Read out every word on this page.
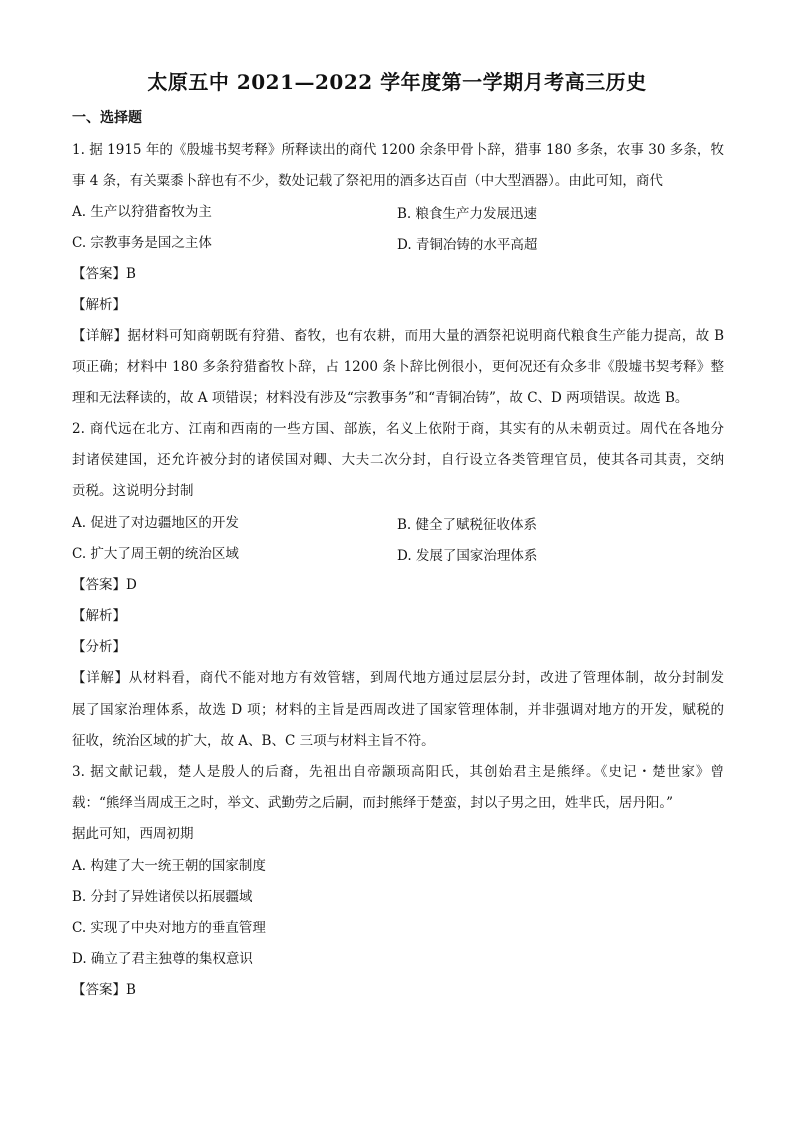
太原五中 2021—2022 学年度第一学期月考高三历史
一、选择题
1. 据 1915 年的《殷墟书契考释》所释读出的商代 1200 余条甲骨卜辞，猎事 180 多条，农事 30 多条，牧
事 4 条，有关粟黍卜辞也有不少，数处记载了祭祀用的酒多达百卣（中大型酒器）。由此可知，商代
A. 生产以狩猎畜牧为主	B. 粮食生产力发展迅速
C. 宗教事务是国之主体	D. 青铜冶铸的水平高超
【答案】B
【解析】
【详解】据材料可知商朝既有狩猎、畜牧，也有农耕，而用大量的酒祭祀说明商代粮食生产能力提高，故 B
项正确；材料中 180 多条狩猎畜牧卜辞，占 1200 条卜辞比例很小，更何况还有众多非《殷墟书契考释》整
理和无法释读的，故 A 项错误；材料没有涉及“宗教事务”和“青铜冶铸”，故 C、D 两项错误。故选 B。
2. 商代远在北方、江南和西南的一些方国、部族，名义上依附于商，其实有的从未朝贡过。周代在各地分
封诸侯建国，还允许被分封的诸侯国对卿、大夫二次分封，自行设立各类管理官员，使其各司其责，交纳
贡税。这说明分封制
A. 促进了对边疆地区的开发	B. 健全了赋税征收体系
C. 扩大了周王朝的统治区域	D. 发展了国家治理体系
【答案】D
【解析】
【分析】
【详解】从材料看，商代不能对地方有效管辖，到周代地方通过层层分封，改进了管理体制，故分封制发
展了国家治理体系，故选 D 项；材料的主旨是西周改进了国家管理体制，并非强调对地方的开发，赋税的
征收，统治区域的扩大，故 A、B、C 三项与材料主旨不符。
3. 据文献记载，楚人是殷人的后裔，先祖出自帝颛顼高阳氏，其创始君主是熊绎。《史记・楚世家》曾
载：“熊绎当周成王之时，举文、武勤劳之后嗣，而封熊绎于楚蛮，封以子男之田，姓芈氏，居丹阳。”
据此可知，西周初期
A. 构建了大一统王朝的国家制度
B. 分封了异姓诸侯以拓展疆域
C. 实现了中央对地方的垂直管理
D. 确立了君主独尊的集权意识
【答案】B
